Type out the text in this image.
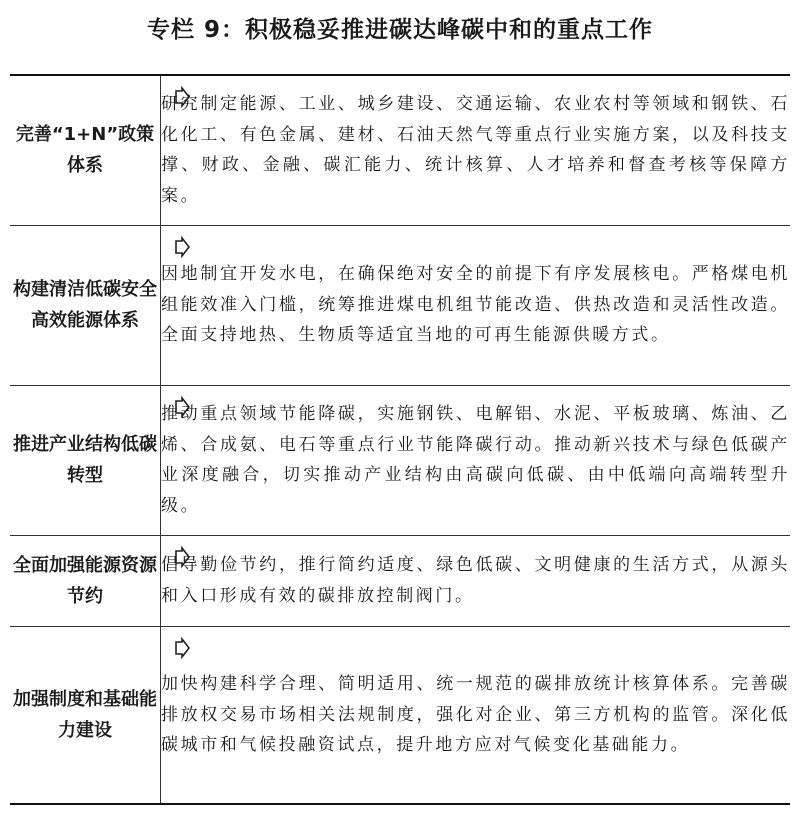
专栏 9：积极稳妥推进碳达峰碳中和的重点工作
完善“1+N”政策体系	研究制定能源、工业、城乡建设、交通运输、农业农村等领域和钢铁、石化化工、有色金属、建材、石油天然气等重点行业实施方案，以及科技支撑、财政、金融、碳汇能力、统计核算、人才培养和督查考核等保障方案。

构建清洁低碳安全高效能源体系	因地制宜开发水电，在确保绝对安全的前提下有序发展核电。严格煤电机组能效准入门槛，统筹推进煤电机组节能改造、供热改造和灵活性改造。全面支持地热、生物质等适宜当地的可再生能源供暖方式。

推进产业结构低碳转型	推动重点领域节能降碳，实施钢铁、电解铝、水泥、平板玻璃、炼油、乙烯、合成氨、电石等重点行业节能降碳行动。推动新兴技术与绿色低碳产业深度融合，切实推动产业结构由高碳向低碳、由中低端向高端转型升级。

全面加强能源资源节约	倡导勤俭节约，推行简约适度、绿色低碳、文明健康的生活方式，从源头和入口形成有效的碳排放控制阀门。

加强制度和基础能力建设	加快构建科学合理、简明适用、统一规范的碳排放统计核算体系。完善碳排放权交易市场相关法规制度，强化对企业、第三方机构的监管。深化低碳城市和气候投融资试点，提升地方应对气候变化基础能力。
